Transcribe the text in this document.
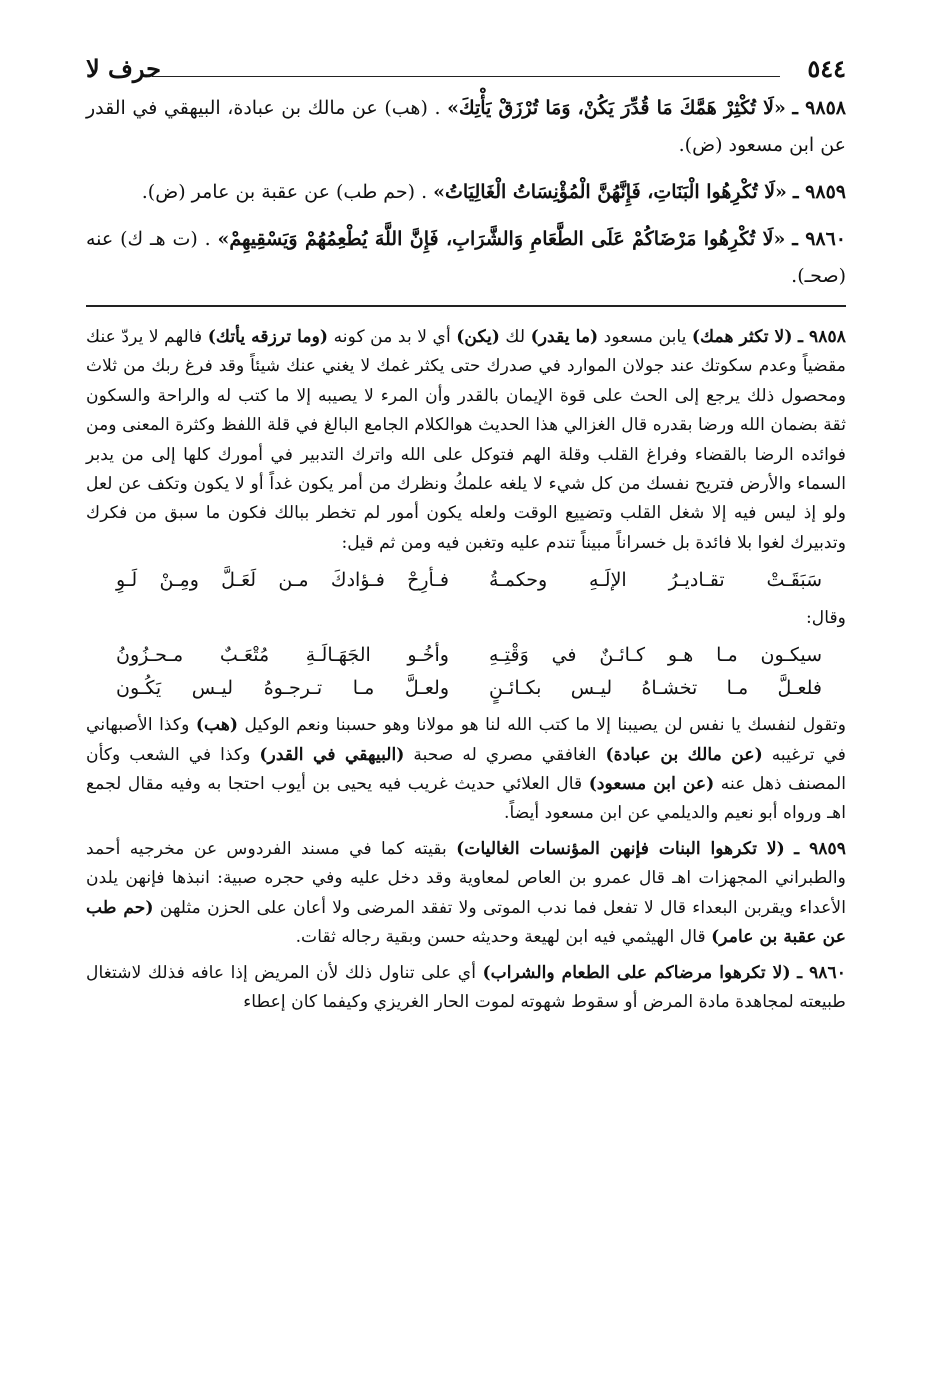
٥٤٤
حرف لا

٩٨٥٨ ـ «لَا تُكْثِرْ هَمَّكَ مَا قُدِّرَ يَكُنْ، وَمَا تُرْزَقْ يَأْتِكَ» . (هب) عن مالك بن عبادة، البيهقي في القدر عن ابن مسعود (ض).

٩٨٥٩ ـ «لَا تُكْرِهُوا الْبَنَاتِ، فَإِنَّهُنَّ الْمُؤْنِسَاتُ الْغَالِيَاتُ» . (حم طب) عن عقبة بن عامر (ض).

٩٨٦٠ ـ «لَا تُكْرِهُوا مَرْضَاكُمْ عَلَى الطَّعَامِ وَالشَّرَابِ، فَإِنَّ اللَّهَ يُطْعِمُهُمْ وَيَسْقِيهِمْ» . (ت هـ ك) عنه (صحـ).

٩٨٥٨ ـ (لا تكثر همك) يابن مسعود (ما يقدر) لك (يكن) أي لا بد من كونه (وما ترزقه يأتك) فالهم لا يردّ عنك مقضياً وعدم سكوتك عند جولان الموارد في صدرك حتى يكثر غمك لا يغني عنك شيئاً وقد فرغ ربك من ثلاث ومحصول ذلك يرجع إلى الحث على قوة الإيمان بالقدر وأن المرء لا يصيبه إلا ما كتب له والراحة والسكون ثقة بضمان الله ورضا بقدره قال الغزالي هذا الحديث هوالكلام الجامع البالغ في قلة اللفظ وكثرة المعنى ومن فوائده الرضا بالقضاء وفراغ القلب وقلة الهم فتوكل على الله واترك التدبير في أمورك كلها إلى من يدبر السماء والأرض فتريح نفسك من كل شيء لا يلغه علمكُ ونظرك من أمر يكون غداً أو لا يكون وتكف عن لعل ولو إذ ليس فيه إلا شغل القلب وتضييع الوقت ولعله يكون أمور لم تخطر ببالك فكون ما سبق من فكرك وتدبيرك لغوا بلا فائدة بل خسراناً مبيناً تندم عليه وتغبن فيه ومن ثم قيل:

سَبَقَـتْ تقـاديـرُ الإلَـهِ وحكمـةُ
فـأرِحْ فـؤادكَ مـن لَعَـلَّ ومِـنْ لَـوِ

وقال:

سيكـون مـا هـو كـائـنٌ في وَقْتِـهِ
وأخُـو الجَهَـالَـةِ مُتْعَـبٌ مـحـزُونُ
فلعـلَّ مـا تخشـاهُ ليـس بكـائـنٍ
ولعـلَّ مـا تـرجـوهُ ليـس يَكُـون

وتقول لنفسك يا نفس لن يصيبنا إلا ما كتب الله لنا هو مولانا وهو حسبنا ونعم الوكيل (هب) وكذا الأصبهاني في ترغيبه (عن مالك بن عبادة) الغافقي مصري له صحبة (البيهقي في القدر) وكذا في الشعب وكأن المصنف ذهل عنه (عن ابن مسعود) قال العلائي حديث غريب فيه يحيى بن أيوب احتجا به وفيه مقال لجمع اهـ ورواه أبو نعيم والديلمي عن ابن مسعود أيضاً.

٩٨٥٩ ـ (لا تكرهوا البنات فإنهن المؤنسات الغاليات) بقيته كما في مسند الفردوس عن مخرجيه أحمد والطبراني المجهزات اهـ قال عمرو بن العاص لمعاوية وقد دخل عليه وفي حجره صبية: انبذها فإنهن يلدن الأعداء ويقربن البعداء قال لا تفعل فما ندب الموتى ولا تفقد المرضى ولا أعان على الحزن مثلهن (حم طب عن عقبة بن عامر) قال الهيثمي فيه ابن لهيعة وحديثه حسن وبقية رجاله ثقات.

٩٨٦٠ ـ (لا تكرهوا مرضاكم على الطعام والشراب) أي على تناول ذلك لأن المريض إذا عافه فذلك لاشتغال طبيعته لمجاهدة مادة المرض أو سقوط شهوته لموت الحار الغريزي وكيفما كان إعطاء
